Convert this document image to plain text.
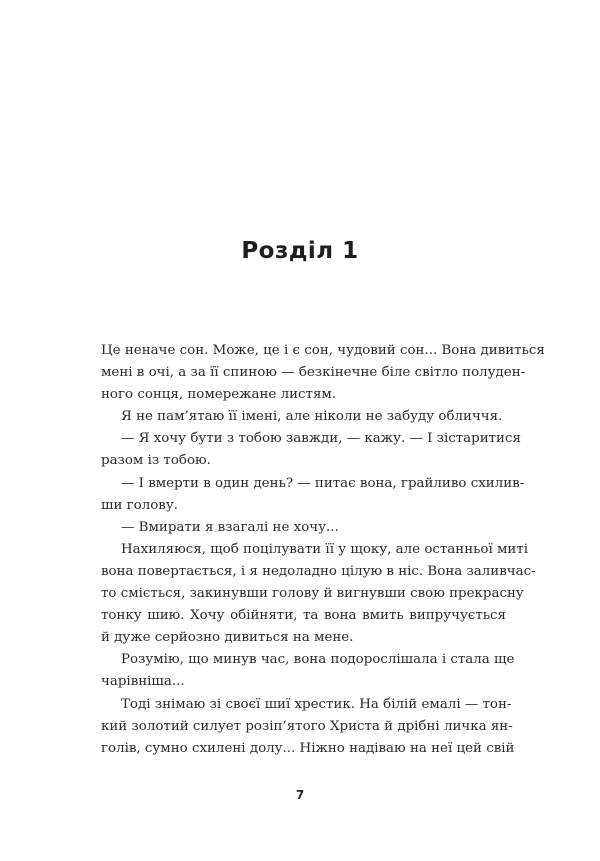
Розділ 1
Це неначе сон. Може, це і є сон, чудовий сон... Вона дивиться
мені в очі, а за її спиною — безкінечне біле світло полуден-
ного сонця, помережане листям.
Я не пам’ятаю її імені, але ніколи не забуду обличчя.
— Я хочу бути з тобою завжди, — кажу. — І зістаритися
разом із тобою.
— І вмерти в один день? — питає вона, грайливо схилив-
ши голову.
— Вмирати я взагалі не хочу...
Нахиляюся, щоб поцілувати її у щоку, але останньої миті
вона повертається, і я недоладно цілую в ніс. Вона заливчас-
то сміється, закинувши голову й вигнувши свою прекрасну
тонку шию. Хочу обійняти, та вона вмить випручується
й дуже серйозно дивиться на мене.
Розумію, що минув час, вона подорослішала і стала ще
чарівніша...
Тоді знімаю зі своєї шиї хрестик. На білій емалі — тон-
кий золотий силует розіп’ятого Христа й дрібні личка ян-
голів, сумно схилені долу... Ніжно надіваю на неї цей свій
7
